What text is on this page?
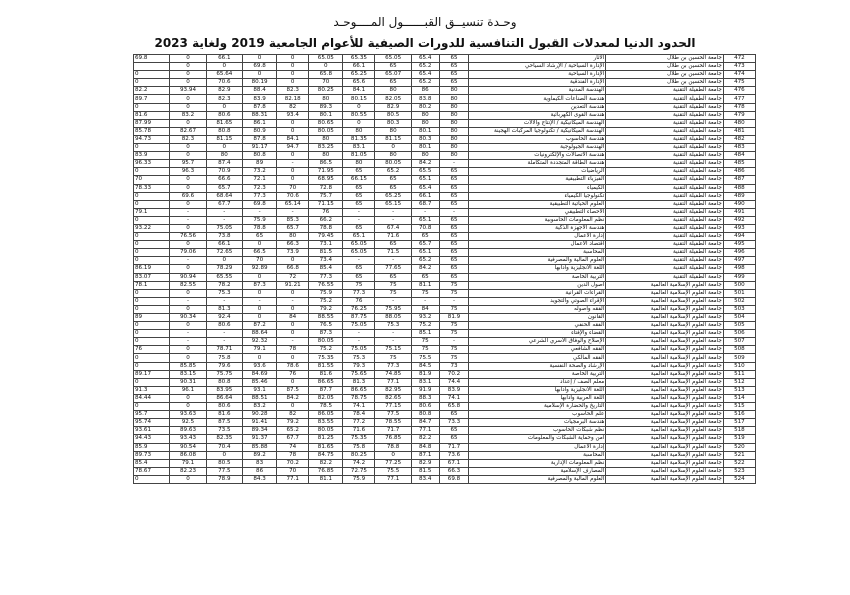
وحـدة تنسيــق القبــــــول المــــوحـد
الحدود الدنيا لمعدلات القبول التنافسية للدورات الصيفية للأعوام الجامعية 2019 ولغاية 2023
69.8	0	66.1	0	0	65.05	65.35	65.05	65.4	65	الآثار	جامعة الحسين بن طلال	472
	0	0	69.8	0	0	66.1	65	65.2	65	الإدارة السياحية / الإرشاد السياحي	جامعة الحسين بن طلال	473
0	0	65.64	0	0	65.8	65.25	65.07	65.4	65	الإدارة السياحية	جامعة الحسين بن طلال	474
0	0	70.6	80.19	0	70	65.6	65	65.2	65	الإدارة الفندقية	جامعة الحسين بن طلال	475
82.2	93.94	82.9	88.4	82.3	80.25	84.1	80	86	80	الهندسة المدنية	جامعة الطفيلة التقنية	476
89.7	0	82.3	83.9	82.18	80	80.15	82.05	83.8	80	هندسة الصناعات الكيماوية	جامعة الطفيلة التقنية	477
0	0	0	87.8	82	89.3	0	82.9	80.2	80	هندسة التعدين	جامعة الطفيلة التقنية	478
81.6	83.2	80.6	88.31	93.4	80.1	80.55	80.5	80	80	هندسة القوى الكهربائية	جامعة الطفيلة التقنية	479
87.99	0	81.65	86.1	0	80.65	0	80.3	80	80	الهندسة الميكانيكية / الإنتاج والآلات	جامعة الطفيلة التقنية	480
85.78	82.67	80.8	80.9	0	80.05	80	80	80.1	80	الهندسة الميكانيكية / تكنولوجيا المركبات الهجينة	جامعة الطفيلة التقنية	481
94.73	82.3	81.15	87.8	84.1	80	81.35	81.15	80.3	80	هندسة الحاسوب	جامعة الطفيلة التقنية	482
0	0	0	91.17	94.7	83.25	83.1	0	80.1	80	الهندسة الجيولوجية	جامعة الطفيلة التقنية	483
83.9	0	80	80.8	0	80	81.05	80	80	80	هندسة الاتصالات والإلكترونيات	جامعة الطفيلة التقنية	484
96.33	95.7	87.4	89	-	86.5	80	80.05	84.2	-	هندسة الطاقة المتجددة المتكاملة	جامعة الطفيلة التقنية	485
0	96.3	70.9	73.2	0	71.95	65	65.2	65.5	65	الرياضيات	جامعة الطفيلة التقنية	486
70	0	66.6	72.1	0	68.95	66.15	65	65.1	65	الفيزياء التطبيقية	جامعة الطفيلة التقنية	487
78.33	0	65.7	72.3	70	72.8	65	65	65.4	65	الكيمياء	جامعة الطفيلة التقنية	488
0	69.6	68.64	77.3	70.6	75.7	65	65.25	66.1	65	تكنولوجيا الكيمياء	جامعة الطفيلة التقنية	489
0	0	67.7	69.8	65.14	71.15	65	65.15	68.7	65	العلوم الحياتية التطبيقية	جامعة الطفيلة التقنية	490
79.1	-	-	-	-	76	-	-	-	-	الأحصاء التطبيقي	جامعة الطفيلة التقنية	491
0	-	-	75.9	85.3	66.2	-	-	65.1	65	نظم المعلومات الحاسوبية	جامعة الطفيلة التقنية	492
93.22	0	75.05	78.8	65.7	78.8	65	67.4	70.8	65	هندسة الأجهزة الذكية	جامعة الطفيلة التقنية	493
0	76.56	73.8	65	80	79.45	65.1	71.6	65	65	إدارة الأعمال	جامعة الطفيلة التقنية	494
0	0	66.1	0	66.3	73.1	65.05	65	65.7	65	اقتصاد الأعمال	جامعة الطفيلة التقنية	495
0	79.06	72.65	66.5	73.9	81.5	65.05	71.5	65.1	65	المحاسبة	جامعة الطفيلة التقنية	496
0	-	0	70	0	73.4	-	-	65.2	65	العلوم المالية والمصرفية	جامعة الطفيلة التقنية	497
86.19	0	78.29	92.89	66.8	85.4	65	77.65	84.2	65	اللغة الانجليزية وآدابها	جامعة الطفيلة التقنية	498
83.07	90.94	65.55	0	72	77.3	65	65	65	65	التربية الخاصة	جامعة الطفيلة التقنية	499
78.1	82.55	78.2	87.3	91.21	76.55	75	75	81.1	75	أصول الدين	جامعة العلوم الإسلامية العالمية	500
0	0	75.3	0	0	75.9	77.3	75	75	75	القراءات القرآنية	جامعة العلوم الإسلامية العالمية	501
0	-	-	-	-	75.2	76	-	-	-	الإقراء الصوتي والتجويد	جامعة العلوم الإسلامية العالمية	502
0	0	81.3	0	0	79.2	76.25	75.95	84	75	الفقه وأصوله	جامعة العلوم الإسلامية العالمية	503
89	90.34	92.4	0	84	88.55	87.75	88.05	93.2	81.9	القانون	جامعة العلوم الإسلامية العالمية	504
0	0	80.6	87.2	0	76.5	75.05	75.3	75.2	75	الفقه الحنفي	جامعة العلوم الإسلامية العالمية	505
0	-	-	88.64	0	87.3	-	-	85.1	75	القضاء والإفتاء	جامعة العلوم الإسلامية العالمية	506
0	-	-	92.32	-	80.05	-	-	75	-	الإصلاح والوفاق الأسري الشرعي	جامعة العلوم الإسلامية العالمية	507
76	0	78.71	79.1	78	75.2	75.05	75.15	75	75	الفقه الشافعي	جامعة العلوم الإسلامية العالمية	508
0	0	75.8	0	0	75.35	75.3	75	75.5	75	الفقه المالكي	جامعة العلوم الإسلامية العالمية	509
0	85.85	79.6	93.6	78.6	81.55	79.3	77.3	84.5	73	الإرشاد والصحة النفسية	جامعة العلوم الإسلامية العالمية	510
89.17	83.15	75.75	84.69	76	81.6	75.65	74.85	81.9	70.2	التربية الخاصة	جامعة العلوم الإسلامية العالمية	511
0	90.31	80.8	85.46	0	86.65	81.3	77.1	83.1	74.4	معلم الصف / إعداد	جامعة العلوم الإسلامية العالمية	512
91.3	96.1	83.95	93.1	87.5	87.7	86.65	82.95	91.9	83.9	اللغة الانجليزية وآدابها	جامعة العلوم الإسلامية العالمية	513
84.44	0	86.64	88.51	84.2	82.05	78.75	82.65	88.3	74.1	اللغة العربية وآدابها	جامعة العلوم الإسلامية العالمية	514
0	0	80.6	83.2	0	78.5	74.1	77.15	80.6	65.8	التاريخ والحضارة الإسلامية	جامعة العلوم الإسلامية العالمية	515
95.7	93.63	81.6	90.28	82	86.05	78.4	77.5	80.8	65	علم الحاسوب	جامعة العلوم الإسلامية العالمية	516
95.74	92.5	87.5	91.41	79.2	83.55	77.2	78.55	84.7	73.3	هندسة البرمجيات	جامعة العلوم الإسلامية العالمية	517
93.61	89.63	73.5	89.34	65.2	80.05	71.6	71.7	77.1	65	نظم شبكات الحاسوب	جامعة العلوم الإسلامية العالمية	518
94.43	93.43	82.35	91.37	67.7	81.25	75.35	76.85	82.2	65	أمن وحماية الشبكات والمعلومات	جامعة العلوم الإسلامية العالمية	519
85.9	90.54	70.4	85.88	74	81.65	75.8	78.8	84.8	71.7	إدارة الأعمال	جامعة العلوم الإسلامية العالمية	520
89.73	86.08	0	89.2	78	84.75	80.25	0	87.1	73.6	المحاسبة	جامعة العلوم الإسلامية العالمية	521
85.4	79.1	80.5	83	70.2	82.2	74.2	77.25	82.9	67.1	نظم المعلومات الإدارية	جامعة العلوم الإسلامية العالمية	522
78.67	82.23	77.5	86	70	76.85	72.75	75.5	81.5	66.3	المصارف الإسلامية	جامعة العلوم الإسلامية العالمية	523
0	0	78.9	84.3	77.1	81.1	75.9	77.1	83.4	69.8	العلوم المالية والمصرفية	جامعة العلوم الإسلامية العالمية	524
